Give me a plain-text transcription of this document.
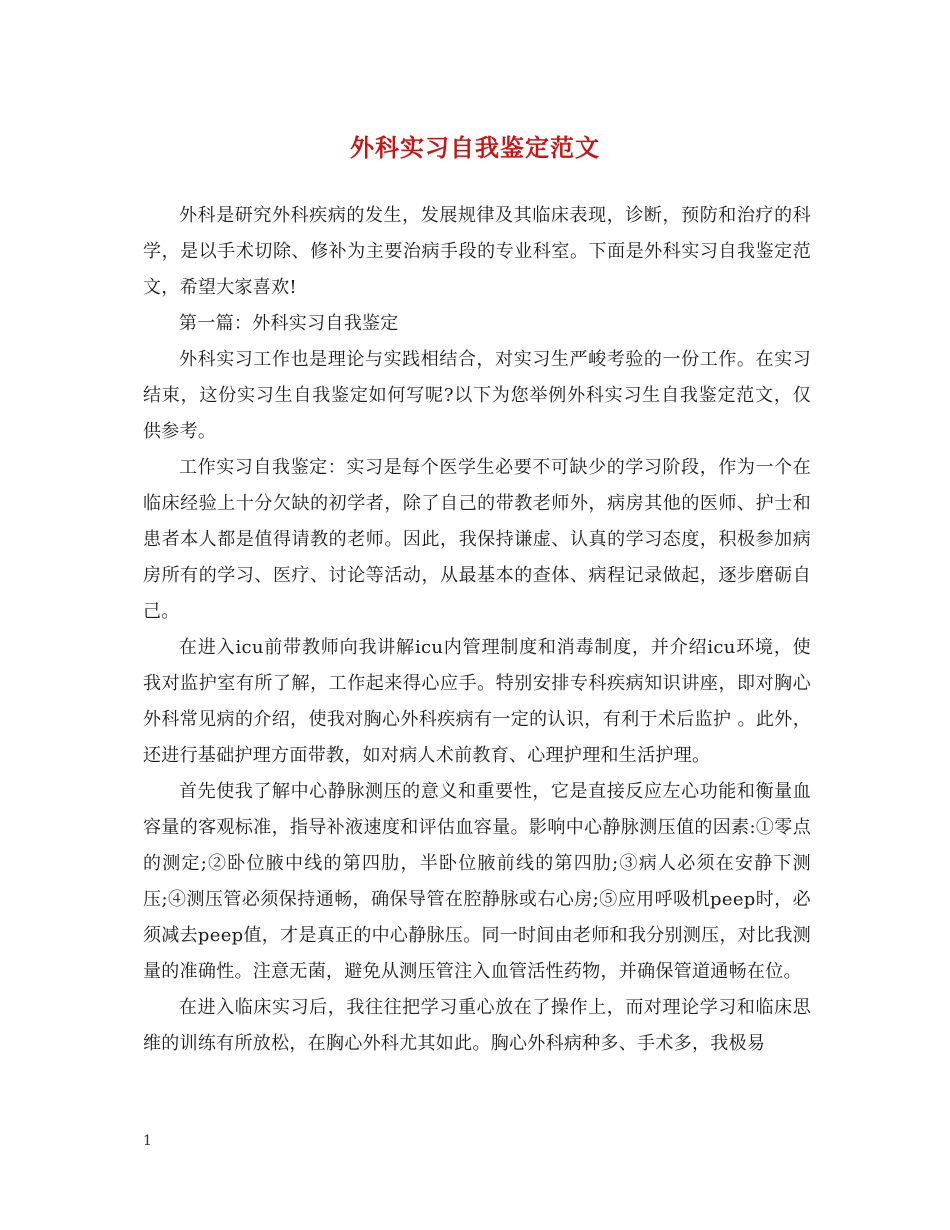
外科实习自我鉴定范文

外科是研究外科疾病的发生，发展规律及其临床表现，诊断，预防和治疗的科学，是以手术切除、修补为主要治病手段的专业科室。下面是外科实习自我鉴定范文，希望大家喜欢!

第一篇：外科实习自我鉴定

外科实习工作也是理论与实践相结合，对实习生严峻考验的一份工作。在实习结束，这份实习生自我鉴定如何写呢?以下为您举例外科实习生自我鉴定范文，仅供参考。

工作实习自我鉴定：实习是每个医学生必要不可缺少的学习阶段，作为一个在临床经验上十分欠缺的初学者，除了自己的带教老师外，病房其他的医师、护士和患者本人都是值得请教的老师。因此，我保持谦虚、认真的学习态度，积极参加病房所有的学习、医疗、讨论等活动，从最基本的查体、病程记录做起，逐步磨砺自己。

在进入icu前带教师向我讲解icu内管理制度和消毒制度，并介绍icu环境，使我对监护室有所了解，工作起来得心应手。特别安排专科疾病知识讲座，即对胸心外科常见病的介绍，使我对胸心外科疾病有一定的认识，有利于术后监护 。此外，还进行基础护理方面带教，如对病人术前教育、心理护理和生活护理。

首先使我了解中心静脉测压的意义和重要性，它是直接反应左心功能和衡量血容量的客观标准，指导补液速度和评估血容量。影响中心静脉测压值的因素:①零点的测定;②卧位腋中线的第四肋，半卧位腋前线的第四肋;③病人必须在安静下测压;④测压管必须保持通畅，确保导管在腔静脉或右心房;⑤应用呼吸机peep时，必须减去peep值，才是真正的中心静脉压。同一时间由老师和我分别测压，对比我测量的准确性。注意无菌，避免从测压管注入血管活性药物，并确保管道通畅在位。

在进入临床实习后，我往往把学习重心放在了操作上，而对理论学习和临床思维的训练有所放松，在胸心外科尤其如此。胸心外科病种多、手术多，我极易

1
